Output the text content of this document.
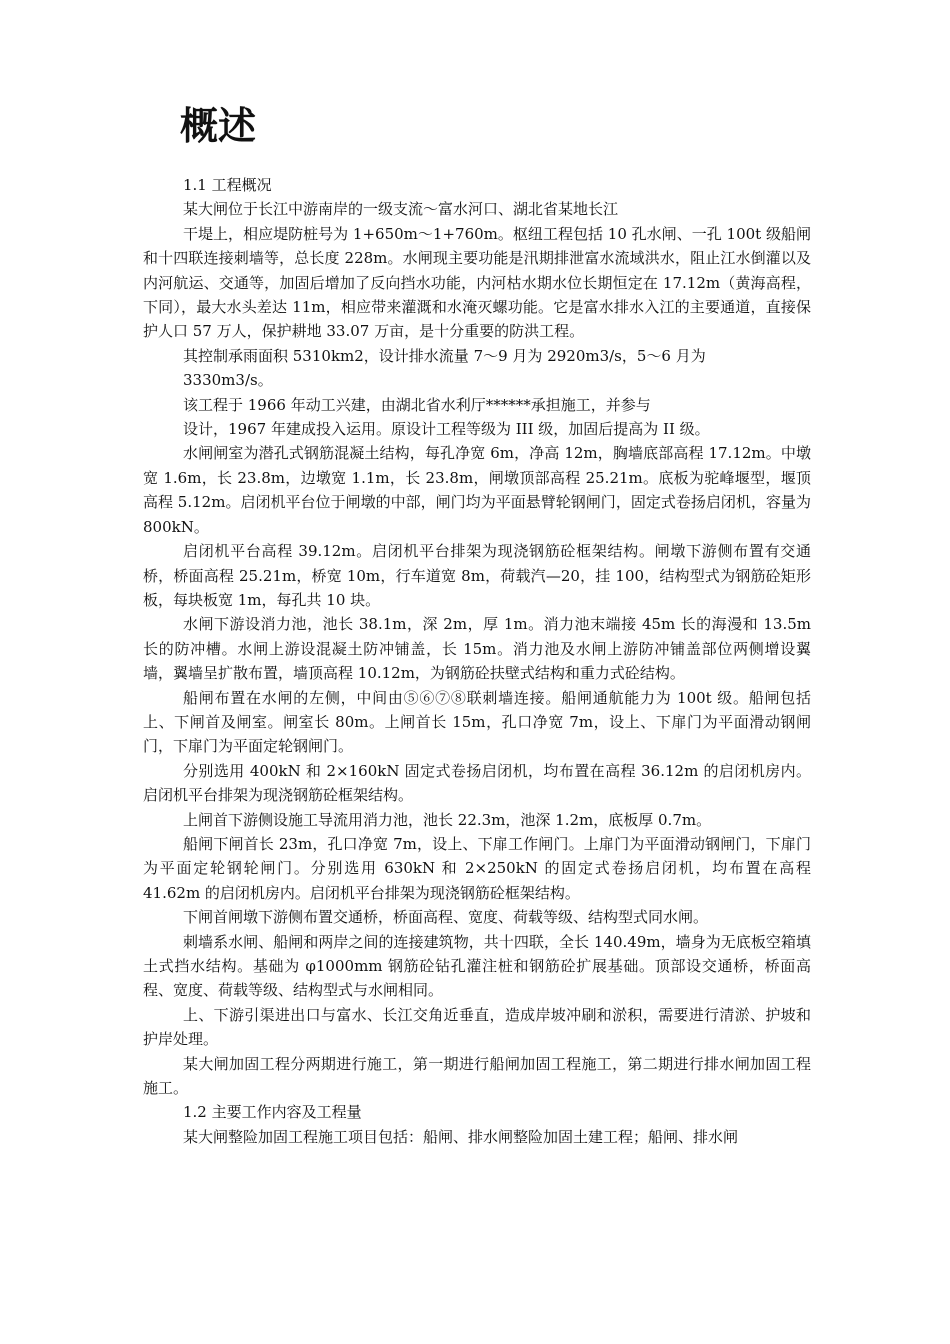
概述

1.1 工程概况

某大闸位于长江中游南岸的一级支流～富水河口、湖北省某地长江

干堤上，相应堤防桩号为 1+650m～1+760m。枢纽工程包括 10 孔水闸、一孔 100t 级船闸和十四联连接刺墙等，总长度 228m。水闸现主要功能是汛期排泄富水流域洪水，阻止江水倒灌以及内河航运、交通等，加固后增加了反向挡水功能，内河枯水期水位长期恒定在 17.12m（黄海高程，下同），最大水头差达 11m，相应带来灌溉和水淹灭螺功能。它是富水排水入江的主要通道，直接保护人口 57 万人，保护耕地 33.07 万亩，是十分重要的防洪工程。

其控制承雨面积 5310km2，设计排水流量 7～9 月为 2920m3/s，5～6 月为

3330m3/s。

该工程于 1966 年动工兴建，由湖北省水利厅******承担施工，并参与

设计，1967 年建成投入运用。原设计工程等级为 III 级，加固后提高为 II 级。

水闸闸室为潜孔式钢筋混凝土结构，每孔净宽 6m，净高 12m，胸墙底部高程 17.12m。中墩宽 1.6m，长 23.8m，边墩宽 1.1m，长 23.8m，闸墩顶部高程 25.21m。底板为驼峰堰型，堰顶高程 5.12m。启闭机平台位于闸墩的中部，闸门均为平面悬臂轮钢闸门，固定式卷扬启闭机，容量为 800kN。

启闭机平台高程 39.12m。启闭机平台排架为现浇钢筋砼框架结构。闸墩下游侧布置有交通桥，桥面高程 25.21m，桥宽 10m，行车道宽 8m，荷载汽—20，挂 100，结构型式为钢筋砼矩形板，每块板宽 1m，每孔共 10 块。

水闸下游设消力池，池长 38.1m，深 2m，厚 1m。消力池末端接 45m 长的海漫和 13.5m 长的防冲槽。水闸上游设混凝土防冲铺盖，长 15m。消力池及水闸上游防冲铺盖部位两侧增设翼墙，翼墙呈扩散布置，墙顶高程 10.12m，为钢筋砼扶壁式结构和重力式砼结构。

船闸布置在水闸的左侧，中间由⑤⑥⑦⑧联刺墙连接。船闸通航能力为 100t 级。船闸包括上、下闸首及闸室。闸室长 80m。上闸首长 15m，孔口净宽 7m，设上、下扉门为平面滑动钢闸门，下扉门为平面定轮钢闸门。

分别选用 400kN 和 2×160kN 固定式卷扬启闭机，均布置在高程 36.12m 的启闭机房内。启闭机平台排架为现浇钢筋砼框架结构。

上闸首下游侧设施工导流用消力池，池长 22.3m，池深 1.2m，底板厚 0.7m。

船闸下闸首长 23m，孔口净宽 7m，设上、下扉工作闸门。上扉门为平面滑动钢闸门，下扉门为平面定轮钢轮闸门。分别选用 630kN 和 2×250kN 的固定式卷扬启闭机，均布置在高程 41.62m 的启闭机房内。启闭机平台排架为现浇钢筋砼框架结构。

下闸首闸墩下游侧布置交通桥，桥面高程、宽度、荷载等级、结构型式同水闸。

刺墙系水闸、船闸和两岸之间的连接建筑物，共十四联，全长 140.49m，墙身为无底板空箱填土式挡水结构。基础为 φ1000mm 钢筋砼钻孔灌注桩和钢筋砼扩展基础。顶部设交通桥，桥面高程、宽度、荷载等级、结构型式与水闸相同。

上、下游引渠进出口与富水、长江交角近垂直，造成岸坡冲刷和淤积，需要进行清淤、护坡和护岸处理。

某大闸加固工程分两期进行施工，第一期进行船闸加固工程施工，第二期进行排水闸加固工程施工。

1.2 主要工作内容及工程量

某大闸整险加固工程施工项目包括：船闸、排水闸整险加固土建工程；船闸、排水闸
